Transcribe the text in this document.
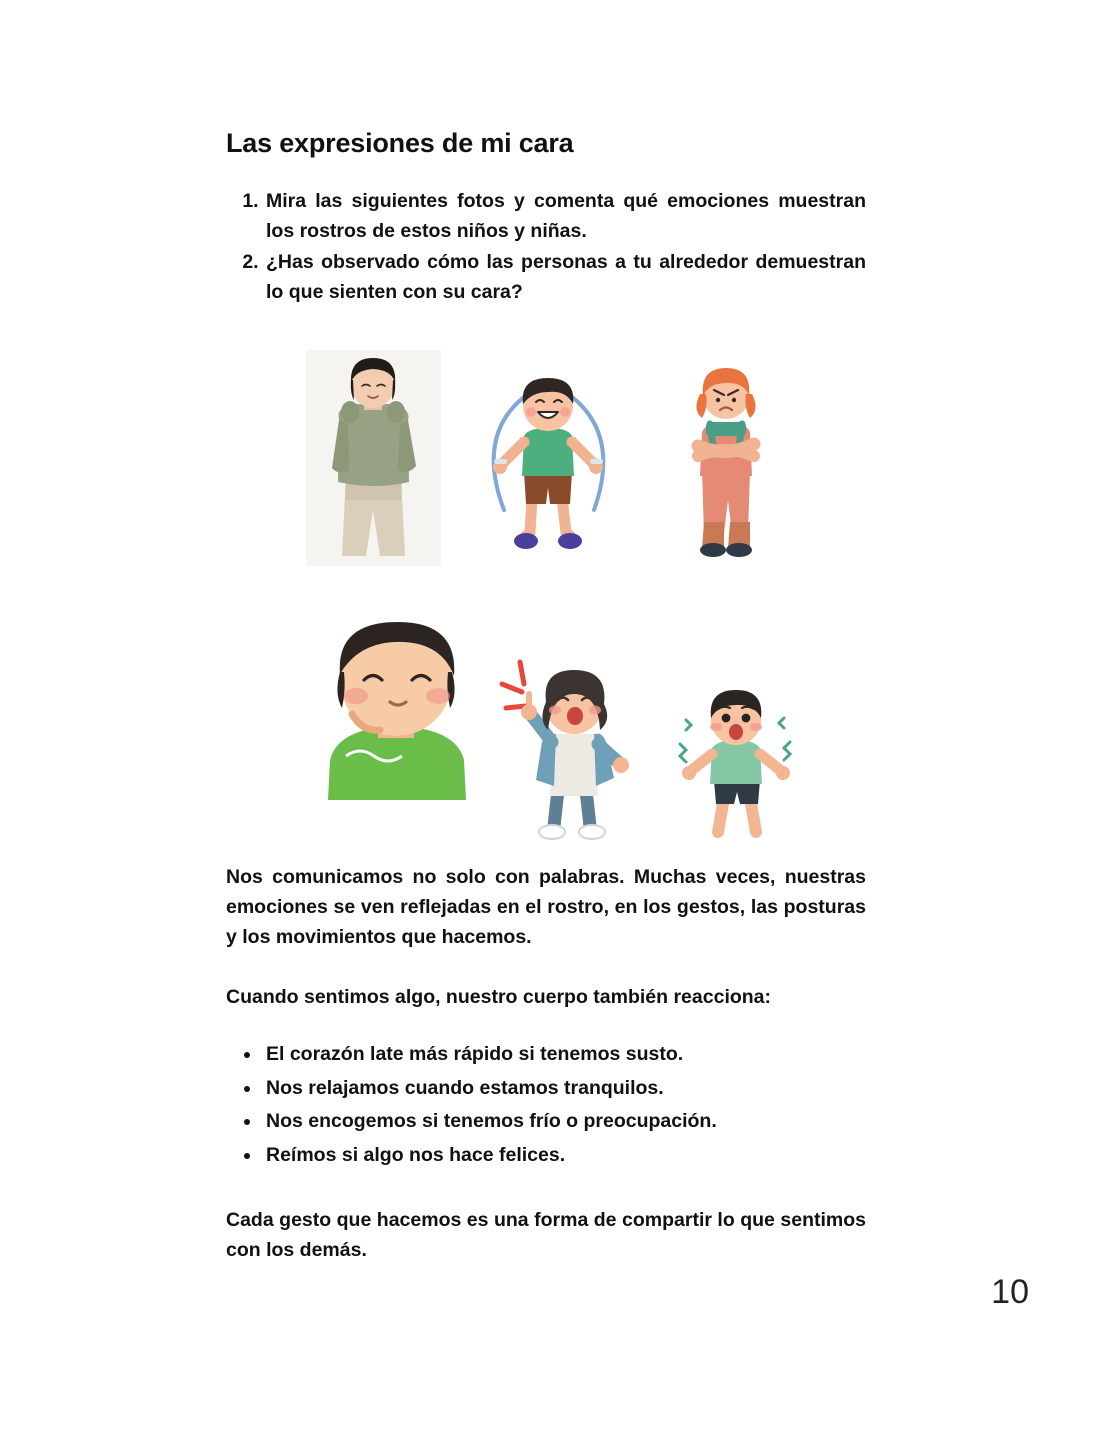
Las expresiones de mi cara
1. Mira las siguientes fotos y comenta qué emociones muestran los rostros de estos niños y niñas.
2. ¿Has observado cómo las personas a tu alrededor demuestran lo que sienten con su cara?

Nos comunicamos no solo con palabras. Muchas veces, nuestras emociones se ven reflejadas en el rostro, en los gestos, las posturas y los movimientos que hacemos.

Cuando sentimos algo, nuestro cuerpo también reacciona:

• El corazón late más rápido si tenemos susto.
• Nos relajamos cuando estamos tranquilos.
• Nos encogemos si tenemos frío o preocupación.
• Reímos si algo nos hace felices.

Cada gesto que hacemos es una forma de compartir lo que sentimos con los demás.

10
